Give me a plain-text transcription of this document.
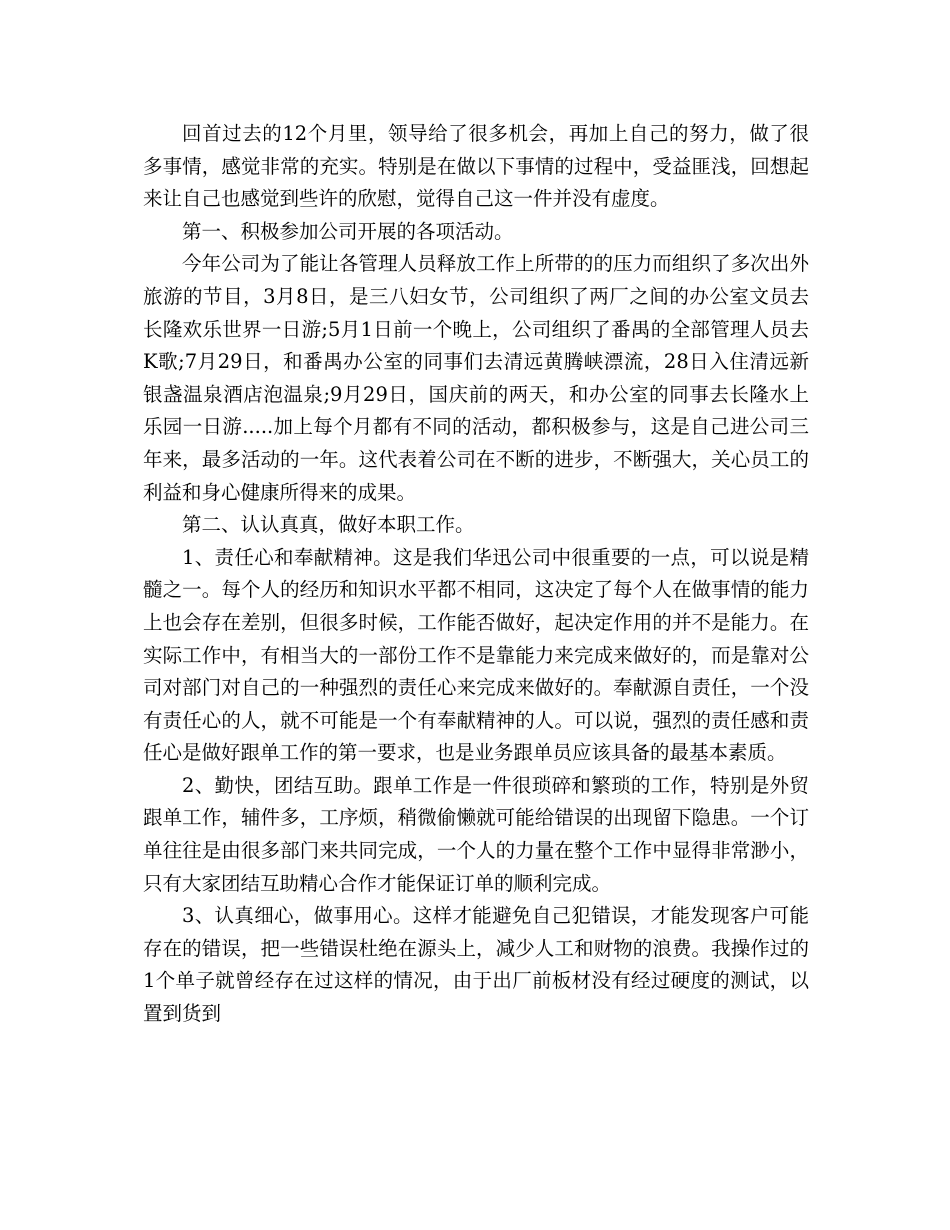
回首过去的12个月里，领导给了很多机会，再加上自己的努力，做了很多事情，感觉非常的充实。特别是在做以下事情的过程中，受益匪浅，回想起来让自己也感觉到些许的欣慰，觉得自己这一件并没有虚度。

第一、积极参加公司开展的各项活动。

今年公司为了能让各管理人员释放工作上所带的的压力而组织了多次出外旅游的节目，3月8日，是三八妇女节，公司组织了两厂之间的办公室文员去长隆欢乐世界一日游;5月1日前一个晚上，公司组织了番禺的全部管理人员去K歌;7月29日，和番禺办公室的同事们去清远黄腾峡漂流，28日入住清远新银盏温泉酒店泡温泉;9月29日，国庆前的两天，和办公室的同事去长隆水上乐园一日游.....加上每个月都有不同的活动，都积极参与，这是自己进公司三年来，最多活动的一年。这代表着公司在不断的进步，不断强大，关心员工的利益和身心健康所得来的成果。

第二、认认真真，做好本职工作。

1、责任心和奉献精神。这是我们华迅公司中很重要的一点，可以说是精髓之一。每个人的经历和知识水平都不相同，这决定了每个人在做事情的能力上也会存在差别，但很多时候，工作能否做好，起决定作用的并不是能力。在实际工作中，有相当大的一部份工作不是靠能力来完成来做好的，而是靠对公司对部门对自己的一种强烈的责任心来完成来做好的。奉献源自责任，一个没有责任心的人，就不可能是一个有奉献精神的人。可以说，强烈的责任感和责任心是做好跟单工作的第一要求，也是业务跟单员应该具备的最基本素质。

2、勤快，团结互助。跟单工作是一件很琐碎和繁琐的工作，特别是外贸跟单工作，辅件多，工序烦，稍微偷懒就可能给错误的出现留下隐患。一个订单往往是由很多部门来共同完成，一个人的力量在整个工作中显得非常渺小，只有大家团结互助精心合作才能保证订单的顺利完成。

3、认真细心，做事用心。这样才能避免自己犯错误，才能发现客户可能存在的错误，把一些错误杜绝在源头上，减少人工和财物的浪费。我操作过的1个单子就曾经存在过这样的情况，由于出厂前板材没有经过硬度的测试，以置到货到
